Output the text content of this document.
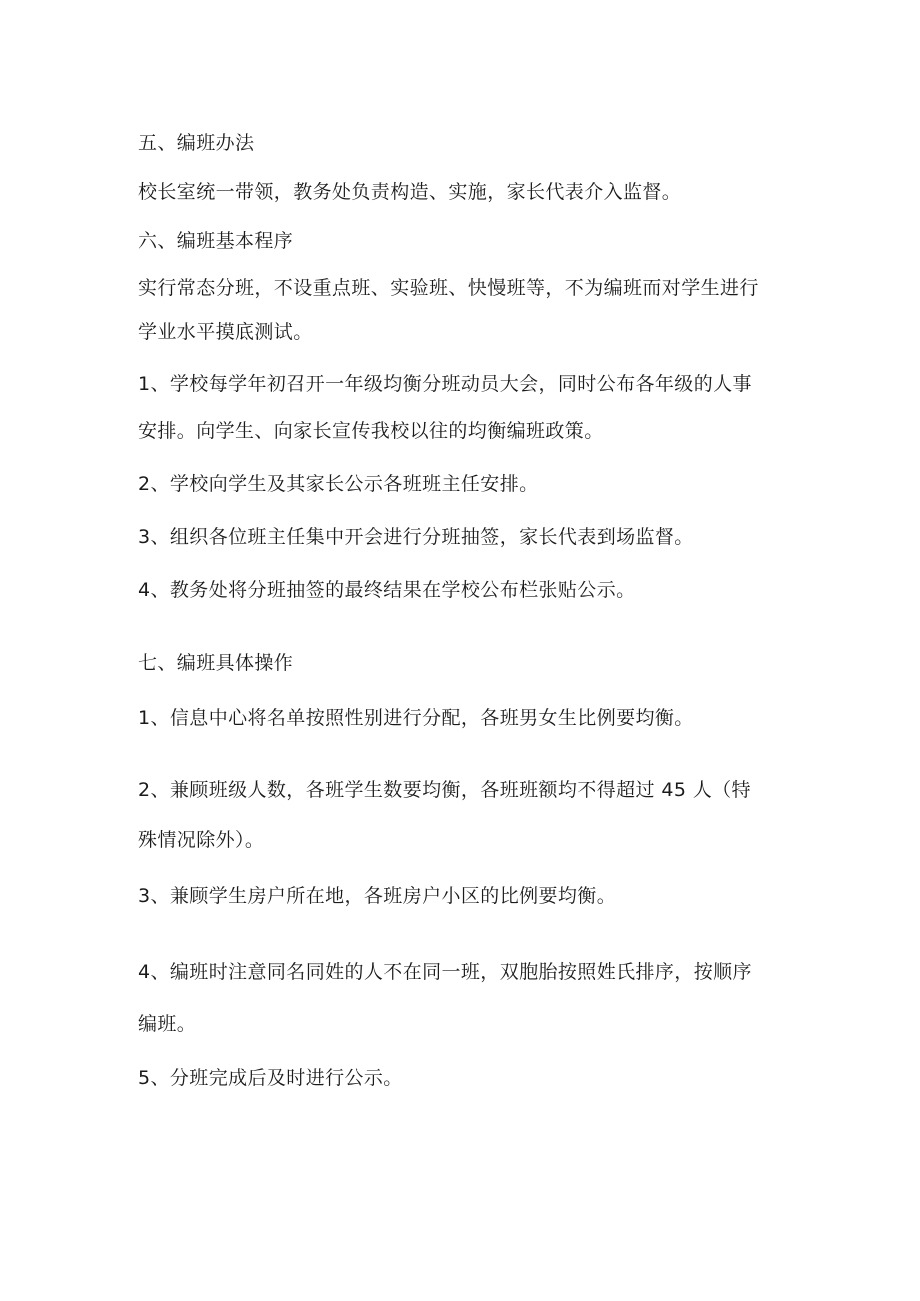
五、编班办法

校长室统一带领，教务处负责构造、实施，家长代表介入监督。

六、编班基本程序

实行常态分班，不设重点班、实验班、快慢班等，不为编班而对学生进行

学业水平摸底测试。

1、学校每学年初召开一年级均衡分班动员大会，同时公布各年级的人事

安排。向学生、向家长宣传我校以往的均衡编班政策。

2、学校向学生及其家长公示各班班主任安排。

3、组织各位班主任集中开会进行分班抽签，家长代表到场监督。

4、教务处将分班抽签的最终结果在学校公布栏张贴公示。

七、编班具体操作

1、信息中心将名单按照性别进行分配，各班男女生比例要均衡。

2、兼顾班级人数，各班学生数要均衡，各班班额均不得超过 45 人（特

殊情况除外）。

3、兼顾学生房户所在地，各班房户小区的比例要均衡。

4、编班时注意同名同姓的人不在同一班，双胞胎按照姓氏排序，按顺序

编班。

5、分班完成后及时进行公示。
